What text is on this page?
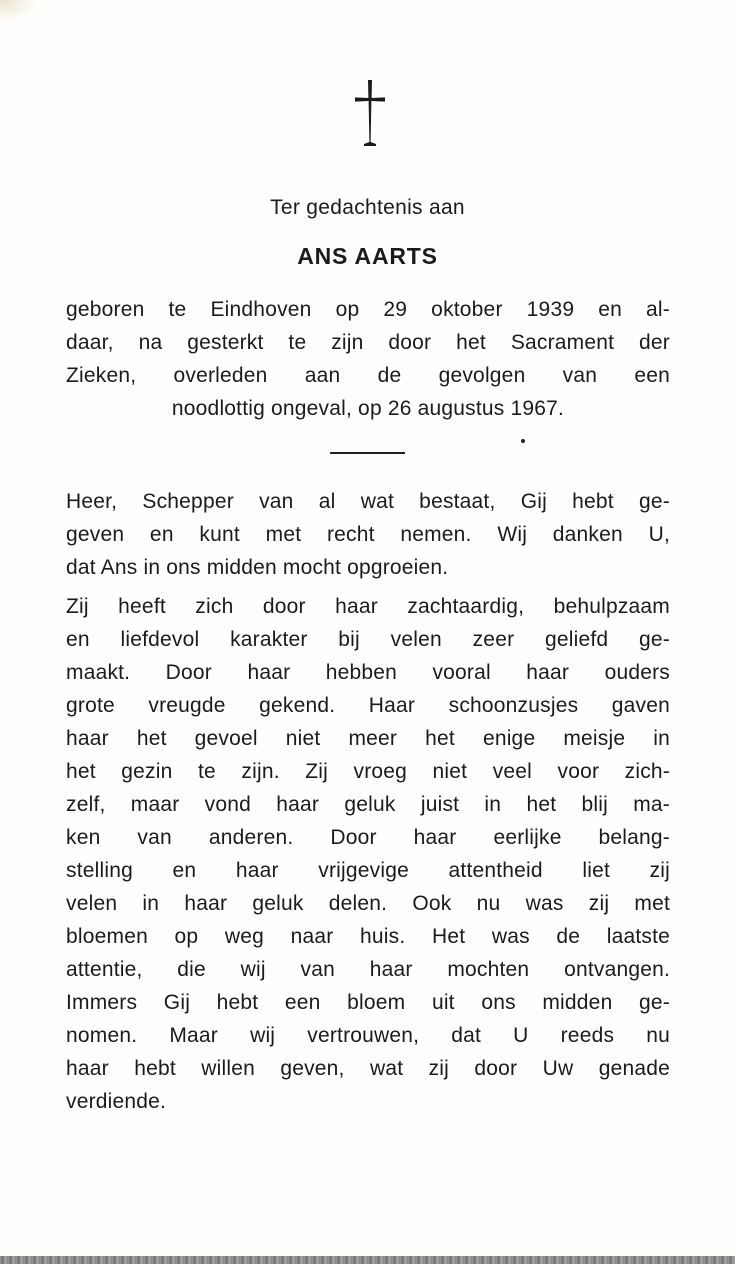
Ter gedachtenis aan
ANS AARTS
geboren te Eindhoven op 29 oktober 1939 en al-
daar, na gesterkt te zijn door het Sacrament der
Zieken, overleden aan de gevolgen van een
noodlottig ongeval, op 26 augustus 1967.
Heer, Schepper van al wat bestaat, Gij hebt ge-
geven en kunt met recht nemen. Wij danken U,
dat Ans in ons midden mocht opgroeien.
Zij heeft zich door haar zachtaardig, behulpzaam
en liefdevol karakter bij velen zeer geliefd ge-
maakt. Door haar hebben vooral haar ouders
grote vreugde gekend. Haar schoonzusjes gaven
haar het gevoel niet meer het enige meisje in
het gezin te zijn. Zij vroeg niet veel voor zich-
zelf, maar vond haar geluk juist in het blij ma-
ken van anderen. Door haar eerlijke belang-
stelling en haar vrijgevige attentheid liet zij
velen in haar geluk delen. Ook nu was zij met
bloemen op weg naar huis. Het was de laatste
attentie, die wij van haar mochten ontvangen.
Immers Gij hebt een bloem uit ons midden ge-
nomen. Maar wij vertrouwen, dat U reeds nu
haar hebt willen geven, wat zij door Uw genade
verdiende.
